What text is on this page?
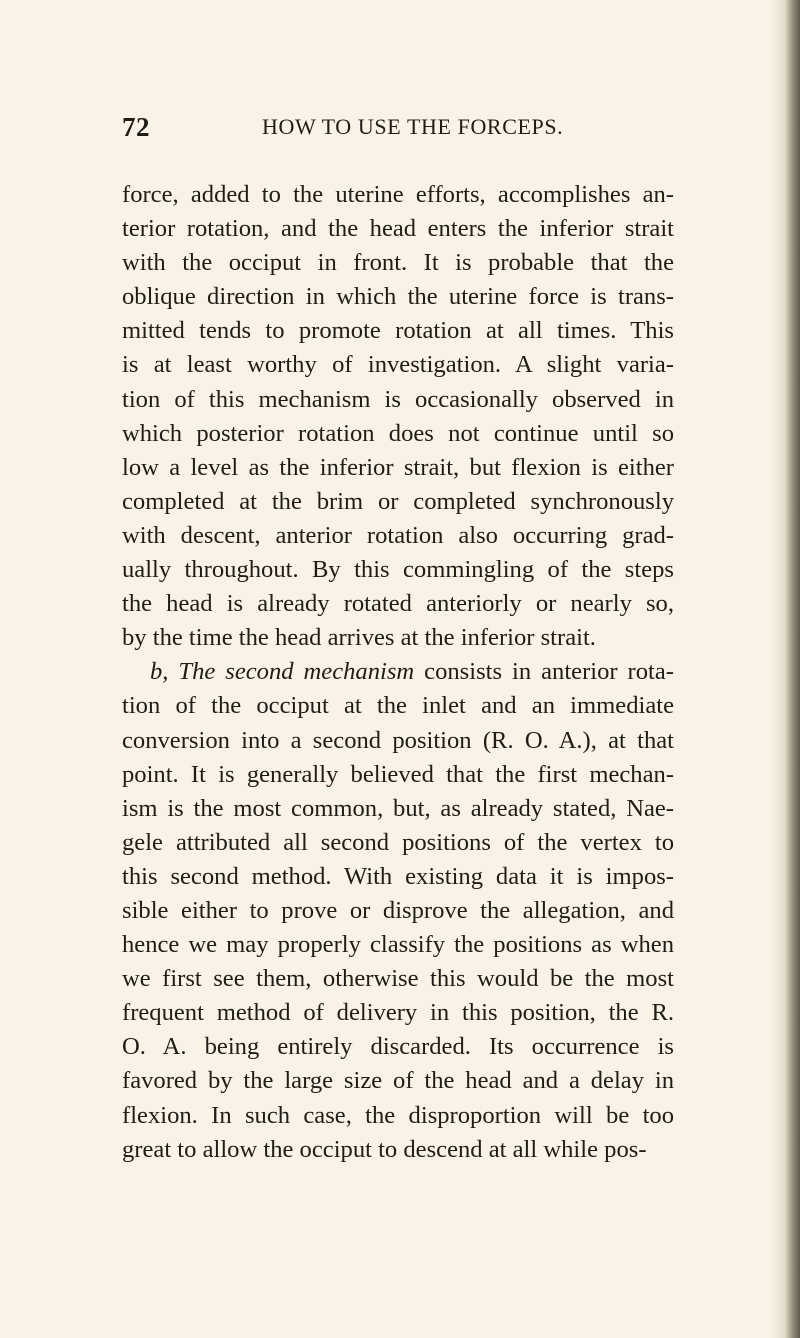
72	HOW TO USE THE FORCEPS.
force, added to the uterine efforts, accomplishes an-
terior rotation, and the head enters the inferior strait
with the occiput in front. It is probable that the
oblique direction in which the uterine force is trans-
mitted tends to promote rotation at all times. This
is at least worthy of investigation. A slight varia-
tion of this mechanism is occasionally observed in
which posterior rotation does not continue until so
low a level as the inferior strait, but flexion is either
completed at the brim or completed synchronously
with descent, anterior rotation also occurring grad-
ually throughout. By this commingling of the steps
the head is already rotated anteriorly or nearly so,
by the time the head arrives at the inferior strait.
b, The second mechanism consists in anterior rota-
tion of the occiput at the inlet and an immediate
conversion into a second position (R. O. A.), at that
point. It is generally believed that the first mechan-
ism is the most common, but, as already stated, Nae-
gele attributed all second positions of the vertex to
this second method. With existing data it is impos-
sible either to prove or disprove the allegation, and
hence we may properly classify the positions as when
we first see them, otherwise this would be the most
frequent method of delivery in this position, the R.
O. A. being entirely discarded. Its occurrence is
favored by the large size of the head and a delay in
flexion. In such case, the disproportion will be too
great to allow the occiput to descend at all while pos-
